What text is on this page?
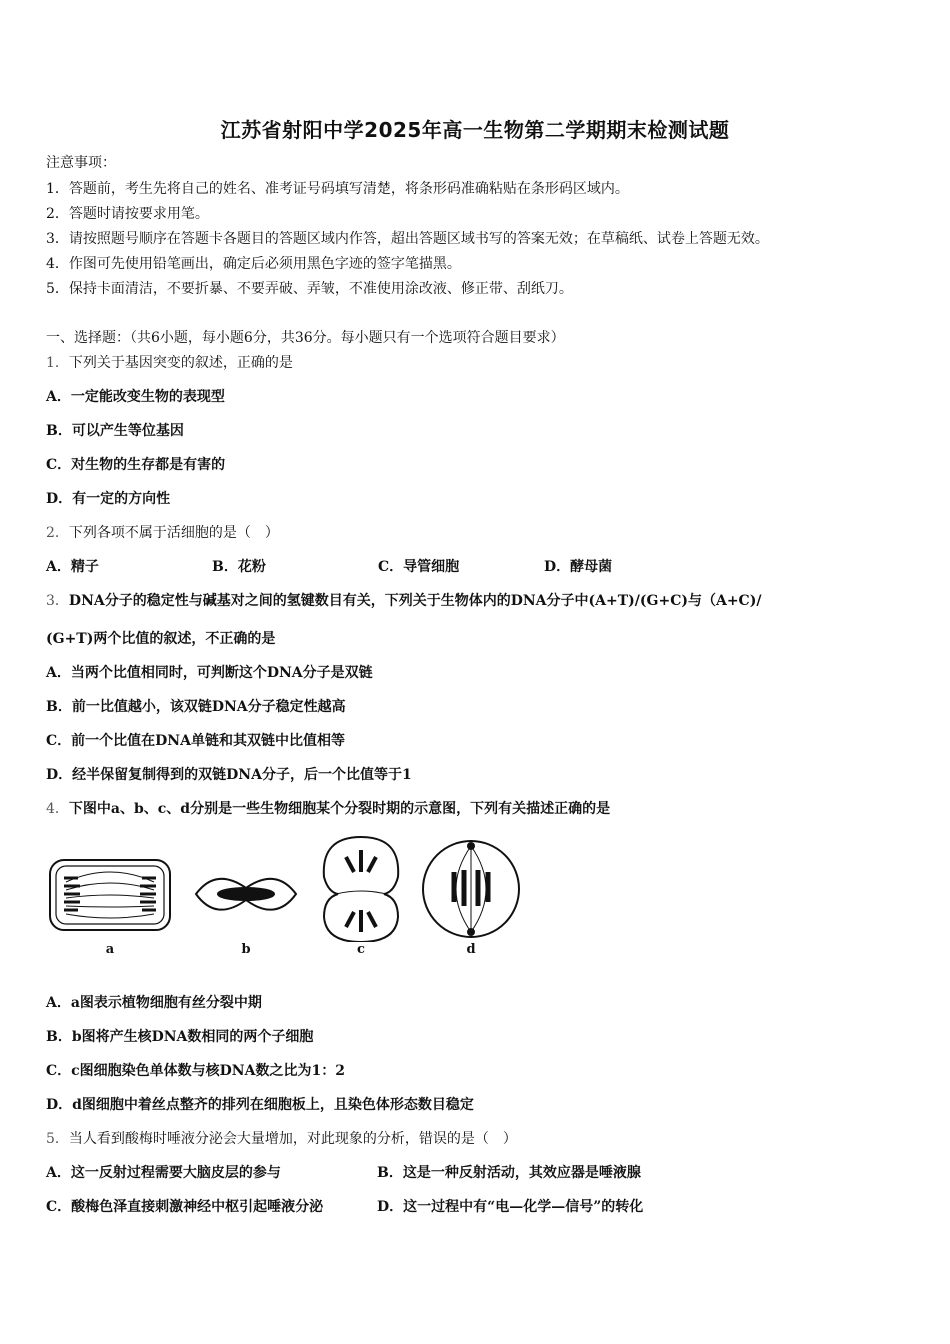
江苏省射阳中学2025年高一生物第二学期期末检测试题
注意事项：
1．答题前，考生先将自己的姓名、准考证号码填写清楚，将条形码准确粘贴在条形码区域内。
2．答题时请按要求用笔。
3．请按照题号顺序在答题卡各题目的答题区域内作答，超出答题区域书写的答案无效；在草稿纸、试卷上答题无效。
4．作图可先使用铅笔画出，确定后必须用黑色字迹的签字笔描黑。
5．保持卡面清洁，不要折暴、不要弄破、弄皱，不准使用涂改液、修正带、刮纸刀。
一、选择题：（共6小题，每小题6分，共36分。每小题只有一个选项符合题目要求）
1．下列关于基因突变的叙述，正确的是
A．一定能改变生物的表现型
B．可以产生等位基因
C．对生物的生存都是有害的
D．有一定的方向性
2．下列各项不属于活细胞的是（　）
A．精子	B．花粉	C．导管细胞	D．酵母菌
3．DNA分子的稳定性与碱基对之间的氢键数目有关，下列关于生物体内的DNA分子中(A+T)/(G+C)与（A+C)/
(G+T)两个比值的叙述，不正确的是
A．当两个比值相同时，可判断这个DNA分子是双链
B．前一比值越小，该双链DNA分子稳定性越高
C．前一个比值在DNA单链和其双链中比值相等
D．经半保留复制得到的双链DNA分子，后一个比值等于1
4．下图中a、b、c、d分别是一些生物细胞某个分裂时期的示意图，下列有关描述正确的是
a	b	c	d
A．a图表示植物细胞有丝分裂中期
B．b图将产生核DNA数相同的两个子细胞
C．c图细胞染色单体数与核DNA数之比为1：2
D．d图细胞中着丝点整齐的排列在细胞板上，且染色体形态数目稳定
5．当人看到酸梅时唾液分泌会大量增加，对此现象的分析，错误的是（　）
A．这一反射过程需要大脑皮层的参与	B．这是一种反射活动，其效应器是唾液腺
C．酸梅色泽直接刺激神经中枢引起唾液分泌	D．这一过程中有“电—化学—信号”的转化
